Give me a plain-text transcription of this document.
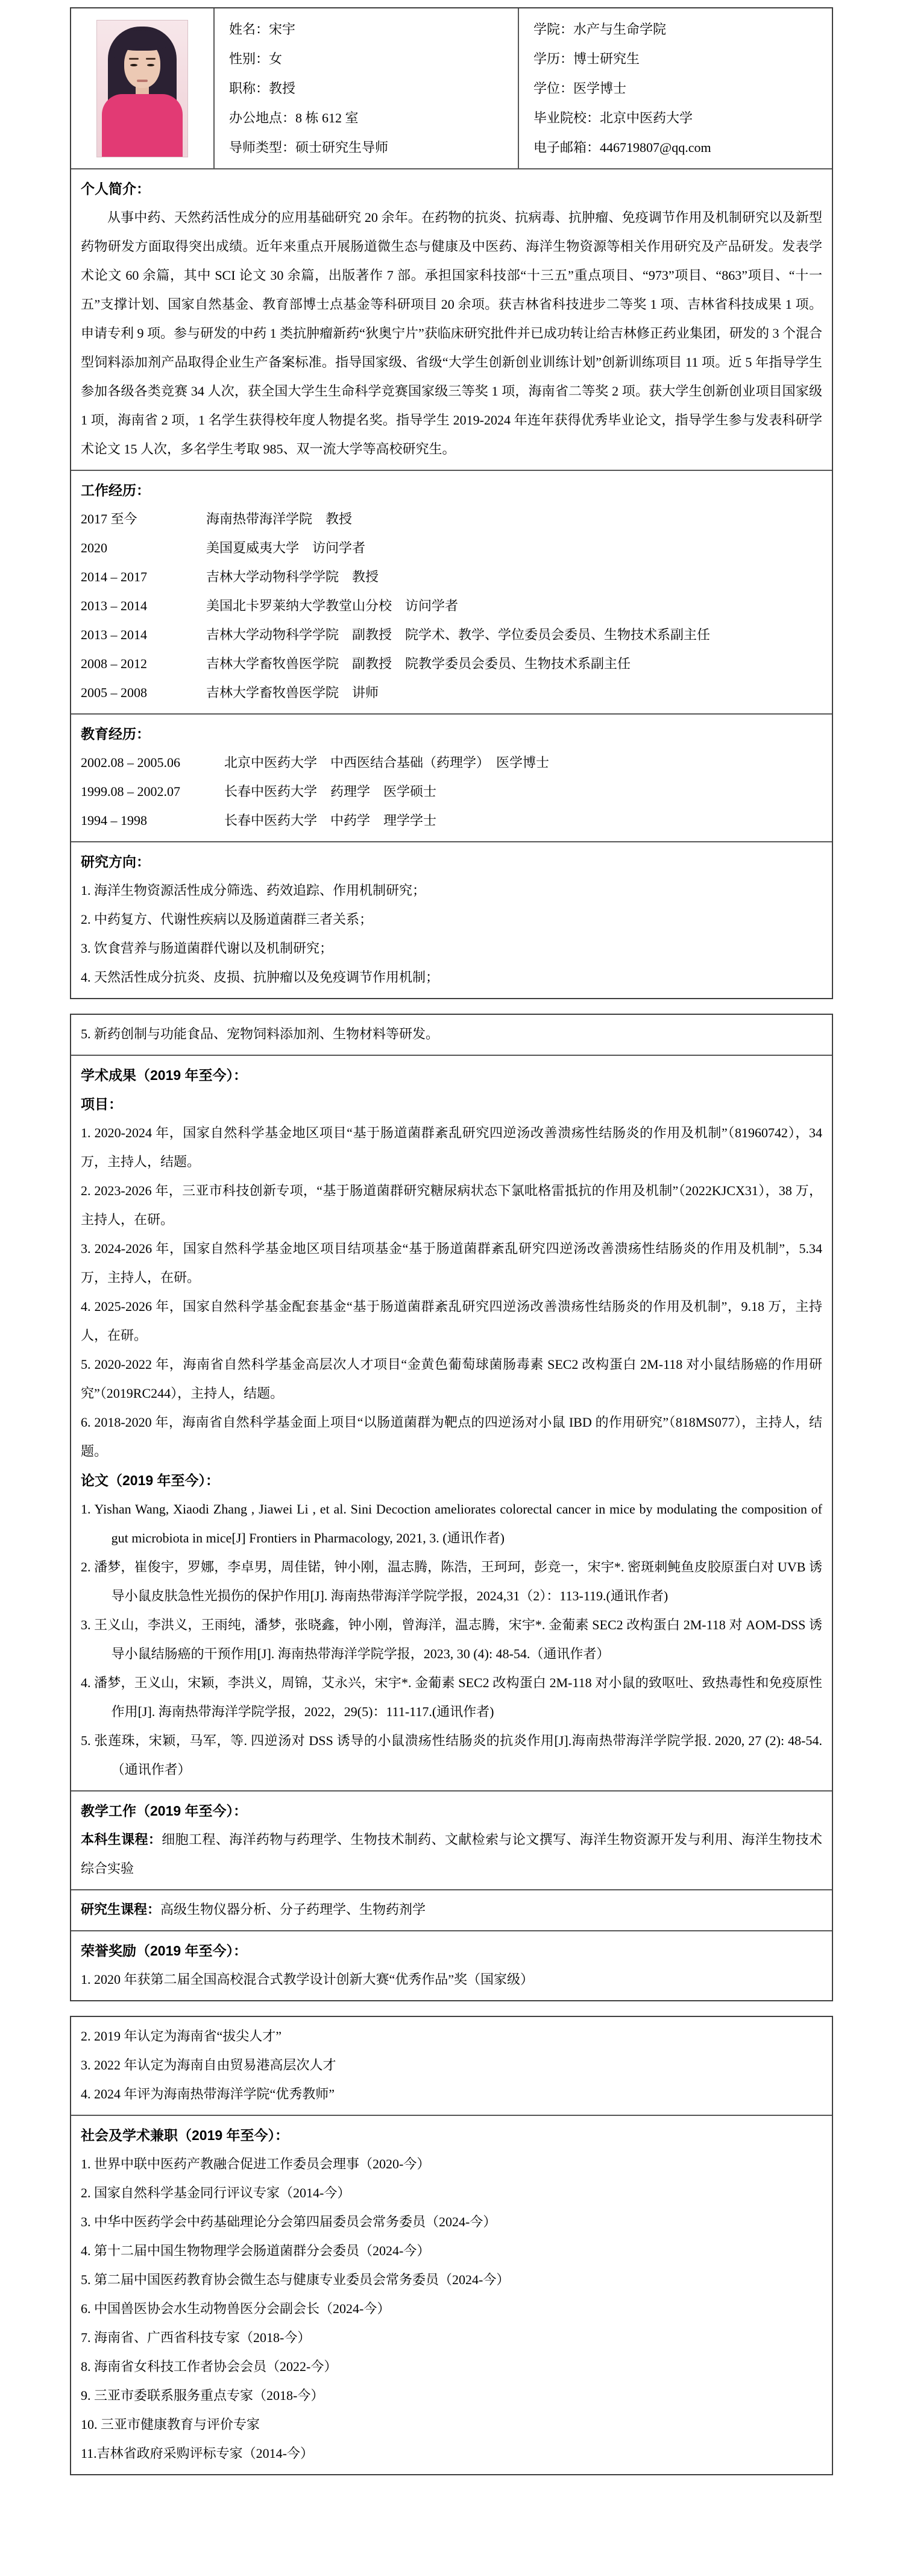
姓名：宋宇
性别：女
职称：教授
办公地点：8 栋 612 室
导师类型：硕士研究生导师
学院：水产与生命学院
学历：博士研究生
学位：医学博士
毕业院校：北京中医药大学
电子邮箱：446719807@qq.com
个人简介：

从事中药、天然药活性成分的应用基础研究 20 余年。在药物的抗炎、抗病毒、抗肿瘤、免疫调节作用及机制研究以及新型药物研发方面取得突出成绩。近年来重点开展肠道微生态与健康及中医药、海洋生物资源等相关作用研究及产品研发。发表学术论文 60 余篇，其中 SCI 论文 30 余篇，出版著作 7 部。承担国家科技部“十三五”重点项目、“973”项目、“863”项目、“十一五”支撑计划、国家自然基金、教育部博士点基金等科研项目 20 余项。获吉林省科技进步二等奖 1 项、吉林省科技成果 1 项。申请专利 9 项。参与研发的中药 1 类抗肿瘤新药“狄奥宁片”获临床研究批件并已成功转让给吉林修正药业集团，研发的 3 个混合型饲料添加剂产品取得企业生产备案标准。指导国家级、省级“大学生创新创业训练计划”创新训练项目 11 项。近 5 年指导学生参加各级各类竞赛 34 人次，获全国大学生生命科学竞赛国家级三等奖 1 项，海南省二等奖 2 项。获大学生创新创业项目国家级 1 项，海南省 2 项，1 名学生获得校年度人物提名奖。指导学生 2019-2024 年连年获得优秀毕业论文，指导学生参与发表科研学术论文 15 人次，多名学生考取 985、双一流大学等高校研究生。

工作经历：
2017 至今	海南热带海洋学院　教授
2020	美国夏威夷大学　访问学者
2014 – 2017	吉林大学动物科学学院　教授
2013 – 2014	美国北卡罗莱纳大学教堂山分校　访问学者
2013 – 2014	吉林大学动物科学学院　副教授　院学术、教学、学位委员会委员、生物技术系副主任
2008 – 2012	吉林大学畜牧兽医学院　副教授　院教学委员会委员、生物技术系副主任
2005 – 2008	吉林大学畜牧兽医学院　讲师
教育经历：
2002.08 – 2005.06	北京中医药大学　中西医结合基础（药理学）　医学博士
1999.08 – 2002.07	长春中医药大学　药理学　医学硕士
1994 – 1998	长春中医药大学　中药学　理学学士
研究方向：
1. 海洋生物资源活性成分筛选、药效追踪、作用机制研究；
2. 中药复方、代谢性疾病以及肠道菌群三者关系；
3. 饮食营养与肠道菌群代谢以及机制研究；
4. 天然活性成分抗炎、皮损、抗肿瘤以及免疫调节作用机制；
5. 新药创制与功能食品、宠物饲料添加剂、生物材料等研发。
学术成果（2019 年至今）：
项目：
1. 2020-2024 年，国家自然科学基金地区项目“基于肠道菌群紊乱研究四逆汤改善溃疡性结肠炎的作用及机制”（81960742），34 万，主持人，结题。
2. 2023-2026 年，三亚市科技创新专项，“基于肠道菌群研究糖尿病状态下氯吡格雷抵抗的作用及机制”（2022KJCX31），38 万，主持人，在研。
3. 2024-2026 年，国家自然科学基金地区项目结项基金“基于肠道菌群紊乱研究四逆汤改善溃疡性结肠炎的作用及机制”，5.34 万，主持人，在研。
4. 2025-2026 年，国家自然科学基金配套基金“基于肠道菌群紊乱研究四逆汤改善溃疡性结肠炎的作用及机制”，9.18 万，主持人，在研。
5. 2020-2022 年，海南省自然科学基金高层次人才项目“金黄色葡萄球菌肠毒素 SEC2 改构蛋白 2M-118 对小鼠结肠癌的作用研究”（2019RC244），主持人，结题。
6. 2018-2020 年，海南省自然科学基金面上项目“以肠道菌群为靶点的四逆汤对小鼠 IBD 的作用研究”（818MS077），主持人，结题。
论文（2019 年至今）：
1. Yishan Wang, Xiaodi Zhang , Jiawei Li , et al. Sini Decoction ameliorates colorectal cancer in mice by modulating the composition of gut microbiota in mice[J] Frontiers in Pharmacology, 2021, 3. (通讯作者)
2. 潘梦，崔俊宇，罗娜，李卓男，周佳锘，钟小刚，温志腾，陈浩，王珂珂，彭竞一，宋宇*. 密斑刺鲀鱼皮胶原蛋白对 UVB 诱导小鼠皮肤急性光损伤的保护作用[J]. 海南热带海洋学院学报，2024,31（2）：113-119.(通讯作者)
3. 王义山，李洪义，王雨纯，潘梦，张晓鑫，钟小刚，曾海洋，温志腾，宋宇*. 金葡素 SEC2 改构蛋白 2M-118 对 AOM-DSS 诱导小鼠结肠癌的干预作用[J]. 海南热带海洋学院学报，2023, 30 (4): 48-54.（通讯作者）
4. 潘梦，王义山，宋颖，李洪义，周锦，艾永兴，宋宇*. 金葡素 SEC2 改构蛋白 2M-118 对小鼠的致呕吐、致热毒性和免疫原性作用[J]. 海南热带海洋学院学报，2022，29(5)：111-117.(通讯作者)
5. 张莲珠，宋颖，马军，等. 四逆汤对 DSS 诱导的小鼠溃疡性结肠炎的抗炎作用[J].海南热带海洋学院学报. 2020, 27 (2): 48-54. （通讯作者）
教学工作（2019 年至今）：
本科生课程：细胞工程、海洋药物与药理学、生物技术制药、文献检索与论文撰写、海洋生物资源开发与利用、海洋生物技术综合实验
研究生课程：高级生物仪器分析、分子药理学、生物药剂学
荣誉奖励（2019 年至今）：
1. 2020 年获第二届全国高校混合式教学设计创新大赛“优秀作品”奖（国家级）
2. 2019 年认定为海南省“拔尖人才”
3. 2022 年认定为海南自由贸易港高层次人才
4. 2024 年评为海南热带海洋学院“优秀教师”
社会及学术兼职（2019 年至今）：
1. 世界中联中医药产教融合促进工作委员会理事（2020-今）
2. 国家自然科学基金同行评议专家（2014-今）
3. 中华中医药学会中药基础理论分会第四届委员会常务委员（2024-今）
4. 第十二届中国生物物理学会肠道菌群分会委员（2024-今）
5. 第二届中国医药教育协会微生态与健康专业委员会常务委员（2024-今）
6. 中国兽医协会水生动物兽医分会副会长（2024-今）
7. 海南省、广西省科技专家（2018-今）
8. 海南省女科技工作者协会会员（2022-今）
9. 三亚市委联系服务重点专家（2018-今）
10. 三亚市健康教育与评价专家
11.吉林省政府采购评标专家（2014-今）
